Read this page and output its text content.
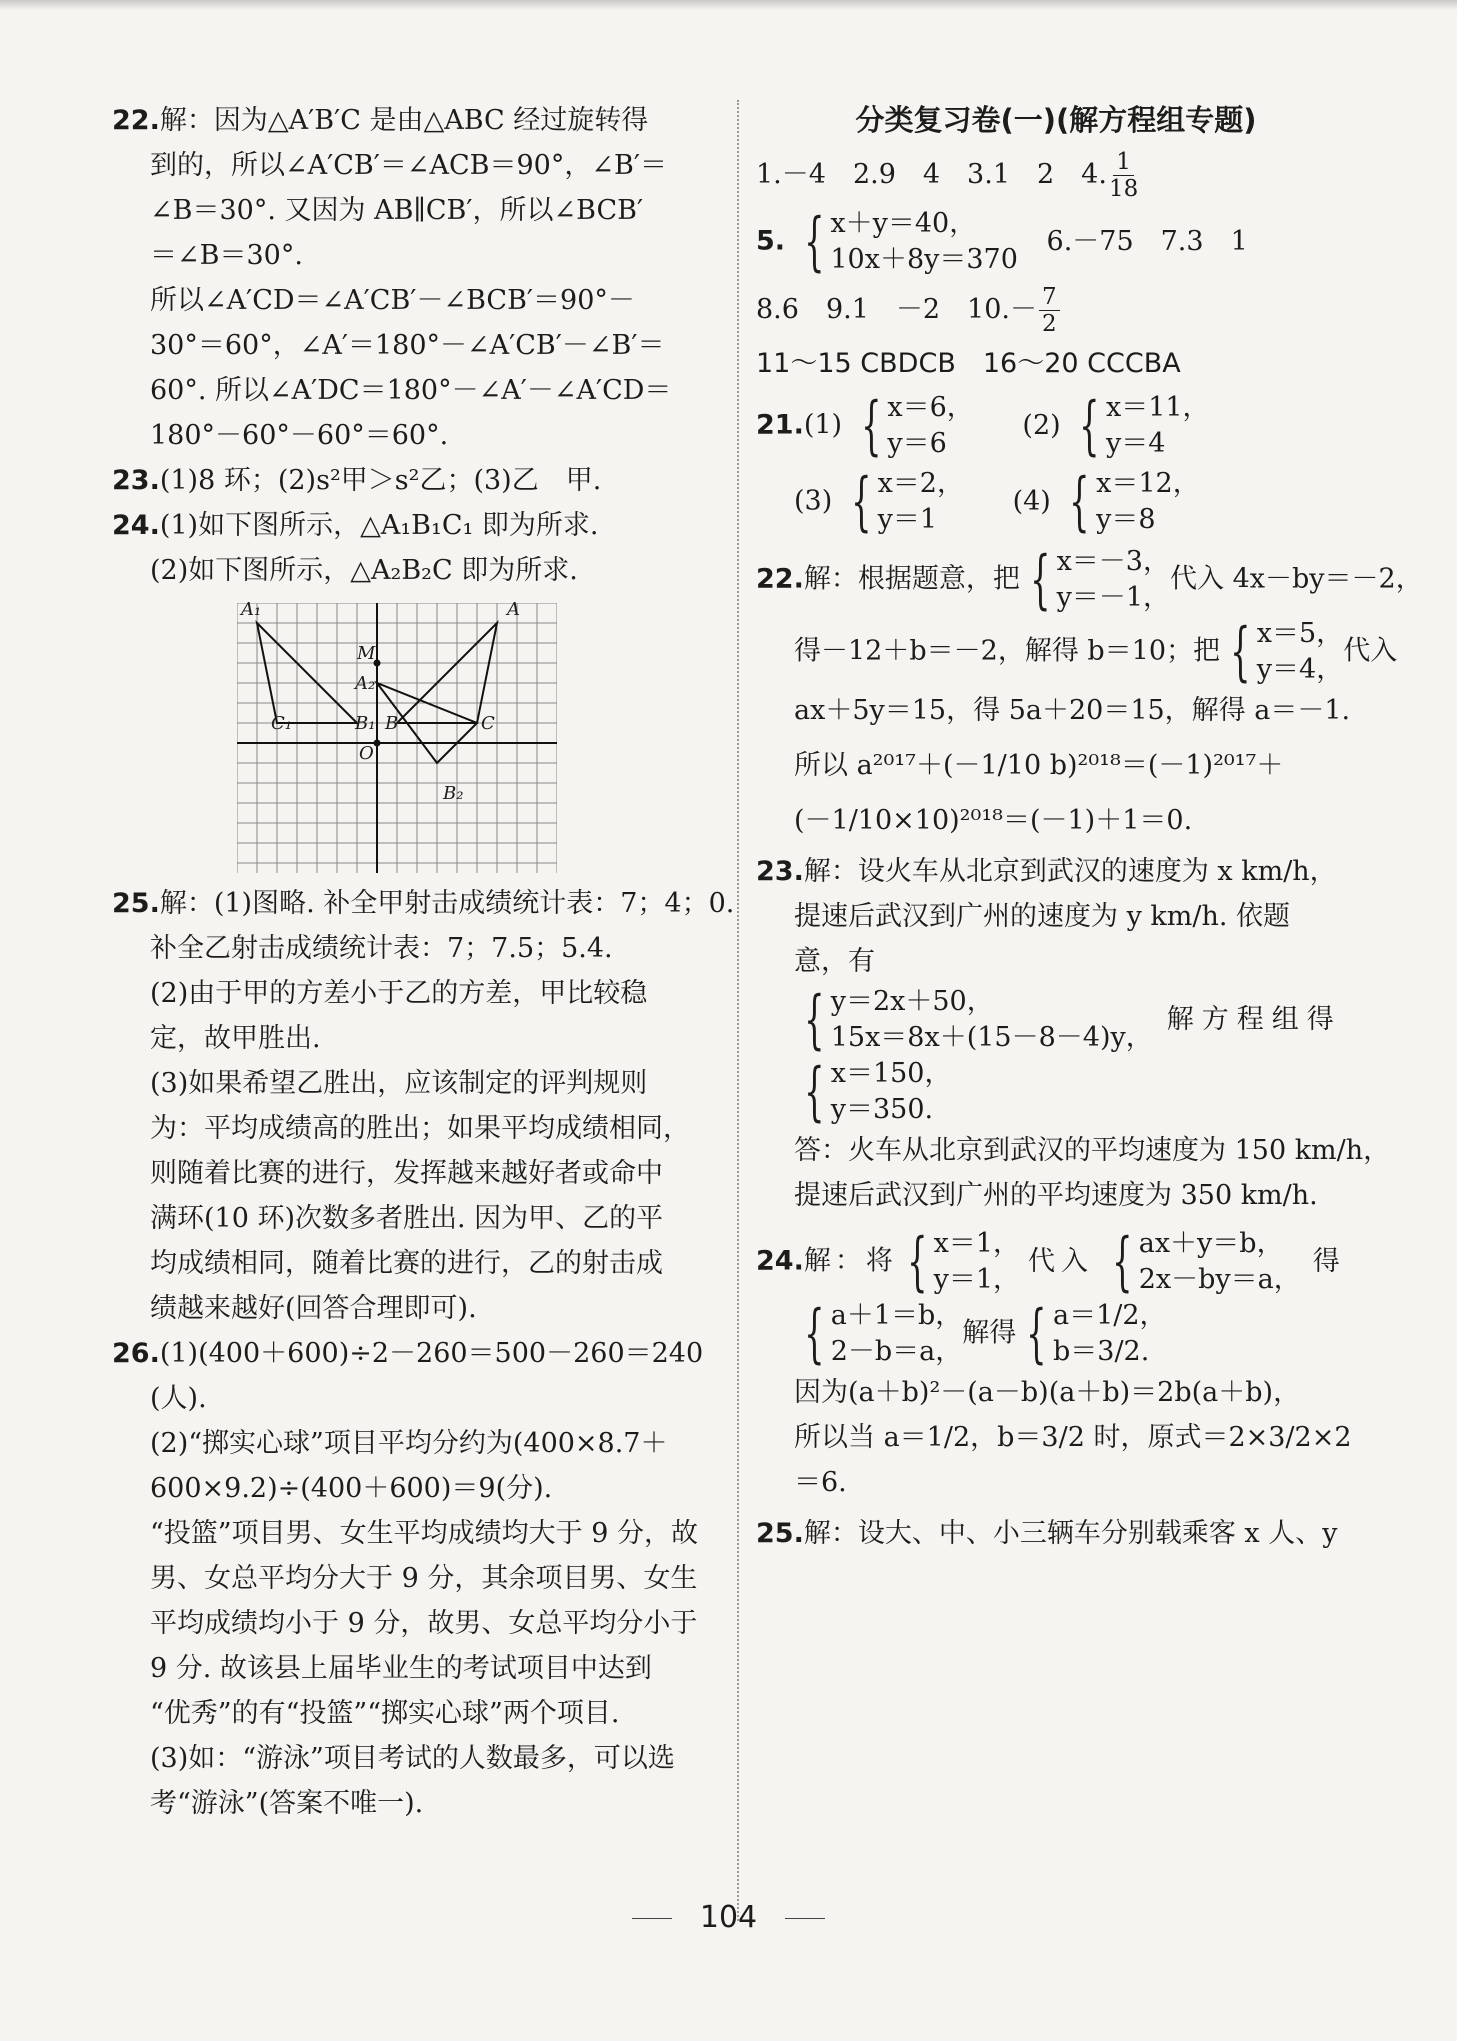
22.解：因为△A′B′C 是由△ABC 经过旋转得
到的，所以∠A′CB′＝∠ACB＝90°，∠B′＝
∠B＝30°. 又因为 AB∥CB′，所以∠BCB′
＝∠B＝30°.
所以∠A′CD＝∠A′CB′－∠BCB′＝90°－
30°＝60°，∠A′＝180°－∠A′CB′－∠B′＝
60°. 所以∠A′DC＝180°－∠A′－∠A′CD＝
180°－60°－60°＝60°.
23.(1)8 环；(2)s²甲＞s²乙；(3)乙　甲.
24.(1)如下图所示，△A₁B₁C₁ 即为所求.
(2)如下图所示，△A₂B₂C 即为所求.
A₁	A
M
A₂
C₁	B₁ B	C
O
B₂
25.解：(1)图略. 补全甲射击成绩统计表：7；4；0.
补全乙射击成绩统计表：7；7.5；5.4.
(2)由于甲的方差小于乙的方差，甲比较稳
定，故甲胜出.
(3)如果希望乙胜出，应该制定的评判规则
为：平均成绩高的胜出；如果平均成绩相同，
则随着比赛的进行，发挥越来越好者或命中
满环(10 环)次数多者胜出. 因为甲、乙的平
均成绩相同，随着比赛的进行，乙的射击成
绩越来越好(回答合理即可).
26.(1)(400＋600)÷2－260＝500－260＝240
(人).
(2)“掷实心球”项目平均分约为(400×8.7＋
600×9.2)÷(400＋600)＝9(分).
“投篮”项目男、女生平均成绩均大于 9 分，故
男、女总平均分大于 9 分，其余项目男、女生
平均成绩均小于 9 分，故男、女总平均分小于
9 分. 故该县上届毕业生的考试项目中达到
“优秀”的有“投篮”“掷实心球”两个项目.
(3)如：“游泳”项目考试的人数最多，可以选
考“游泳”(答案不唯一).
分类复习卷(一)(解方程组专题)
1.－4　2.9　4　3.1　2　4. $\frac{1}{18}$
5. { x＋y＝40，
10x＋8y＝370
6.－75　7.3　1
8.6　9.1　－2　$10.- \frac{7}{2}$
11～15 CBDCB　16～20 CCCBA
21.(1) { x＝6，
y＝6
(2) { x＝11，
y＝4
(3) { x＝2，
y＝1
(4) { x＝12，
y＝8
22.解：根据题意，把 { x＝－3，
y＝－1，
代入 4x－by＝－2，
得－12＋b＝－2，解得 b＝10；把 { x＝5，
y＝4，
代入
ax＋5y＝15，得 5a＋20＝15，解得 a＝－1.
所以 a²⁰¹⁷＋(－1/10 b)²⁰¹⁸＝(－1)²⁰¹⁷＋
(－1/10×10)²⁰¹⁸＝(－1)＋1＝0.
23.解：设火车从北京到武汉的速度为 x km/h，
提速后武汉到广州的速度为 y km/h. 依题
意，有
{ y＝2x＋50，
15x＝8x＋(15－8－4)y，
解方程组得
{ x＝150，
y＝350.
答：火车从北京到武汉的平均速度为 150 km/h，
提速后武汉到广州的平均速度为 350 km/h.
24.解：将 { x＝1，
y＝1，
代入 { ax＋y＝b，
2x－by＝a，
得
{ a＋1＝b，
2－b＝a，
解得 { a＝1/2，
b＝3/2.
因为(a＋b)²－(a－b)(a＋b)＝2b(a＋b)，
所以当 a＝1/2，b＝3/2 时，原式＝2×3/2×2
＝6.
25.解：设大、中、小三辆车分别载乘客 x 人、y
104
